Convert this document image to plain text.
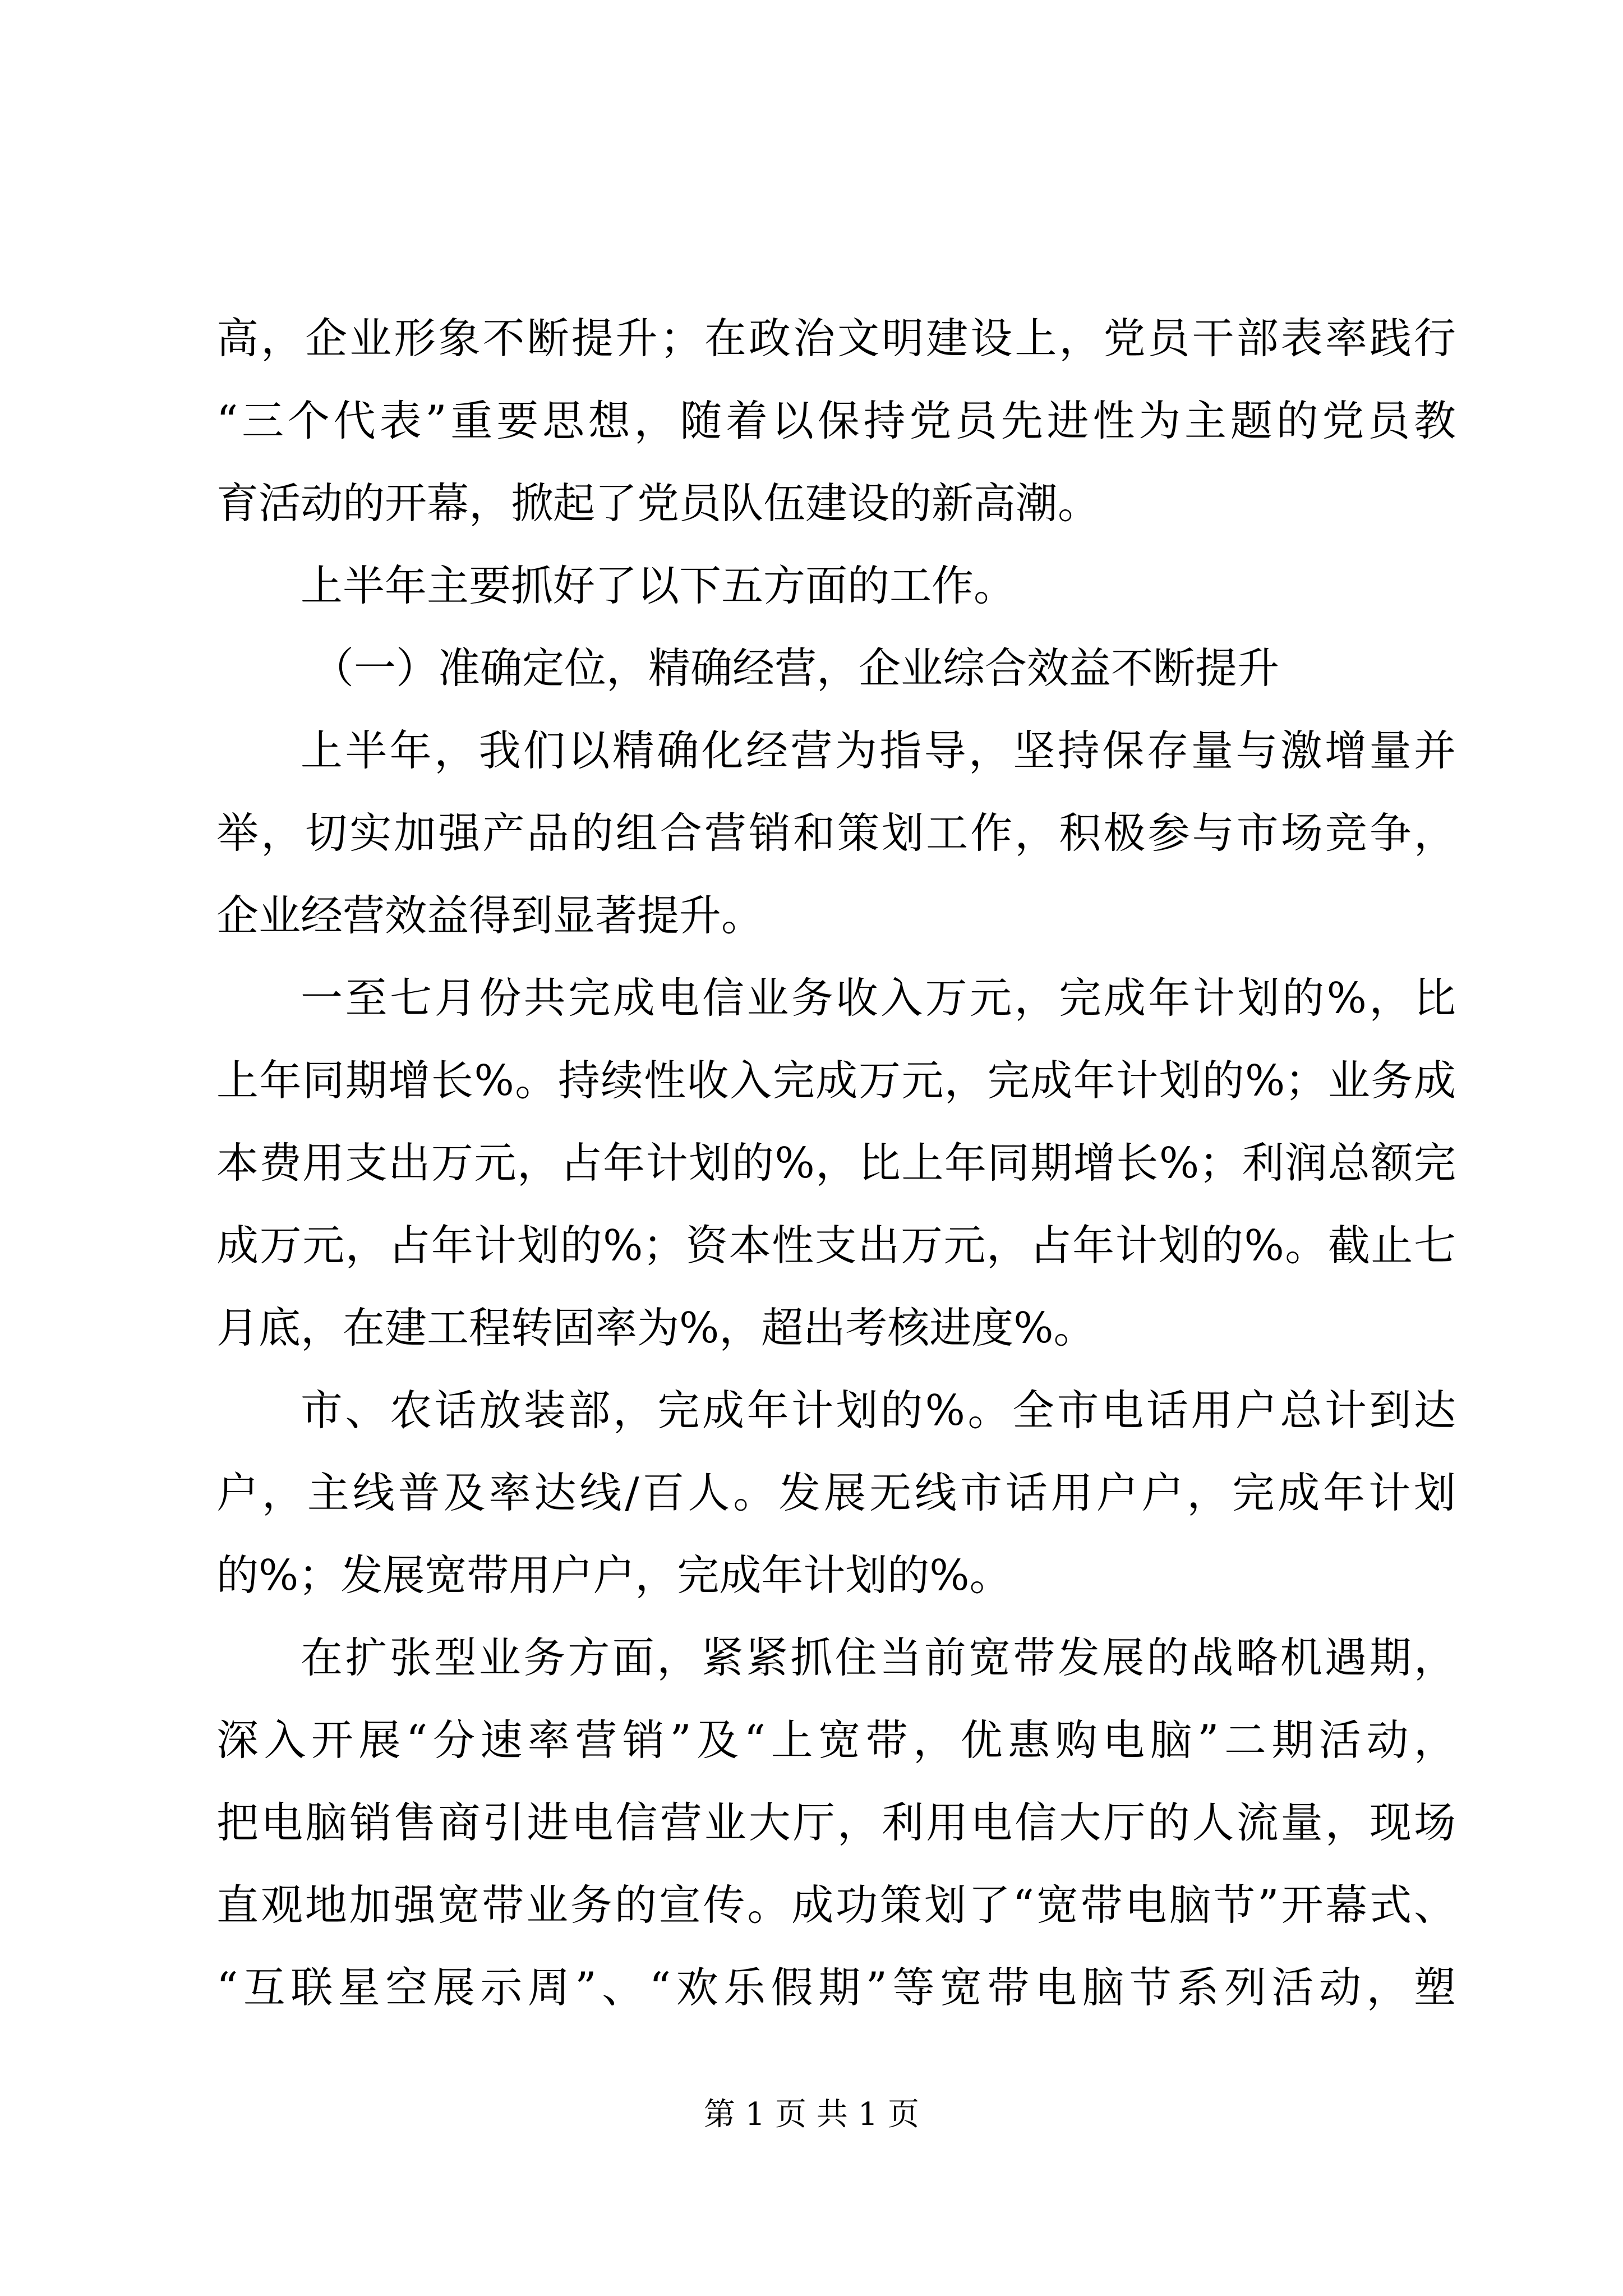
高，企业形象不断提升；在政治文明建设上，党员干部表率践行
“三个代表”重要思想，随着以保持党员先进性为主题的党员教
育活动的开幕，掀起了党员队伍建设的新高潮。
上半年主要抓好了以下五方面的工作。
（一）准确定位，精确经营，企业综合效益不断提升
上半年，我们以精确化经营为指导，坚持保存量与激增量并
举，切实加强产品的组合营销和策划工作，积极参与市场竞争，
企业经营效益得到显著提升。
一至七月份共完成电信业务收入万元，完成年计划的%，比
上年同期增长%。持续性收入完成万元，完成年计划的%；业务成
本费用支出万元，占年计划的%，比上年同期增长%；利润总额完
成万元，占年计划的%；资本性支出万元，占年计划的%。截止七
月底，在建工程转固率为%，超出考核进度%。
市、农话放装部，完成年计划的%。全市电话用户总计到达
户，主线普及率达线/百人。发展无线市话用户户，完成年计划
的%；发展宽带用户户，完成年计划的%。
在扩张型业务方面，紧紧抓住当前宽带发展的战略机遇期，
深入开展“分速率营销”及“上宽带，优惠购电脑”二期活动，
把电脑销售商引进电信营业大厅，利用电信大厅的人流量，现场
直观地加强宽带业务的宣传。成功策划了“宽带电脑节”开幕式、
“互联星空展示周”、“欢乐假期”等宽带电脑节系列活动，塑
第 1 页 共 1 页
